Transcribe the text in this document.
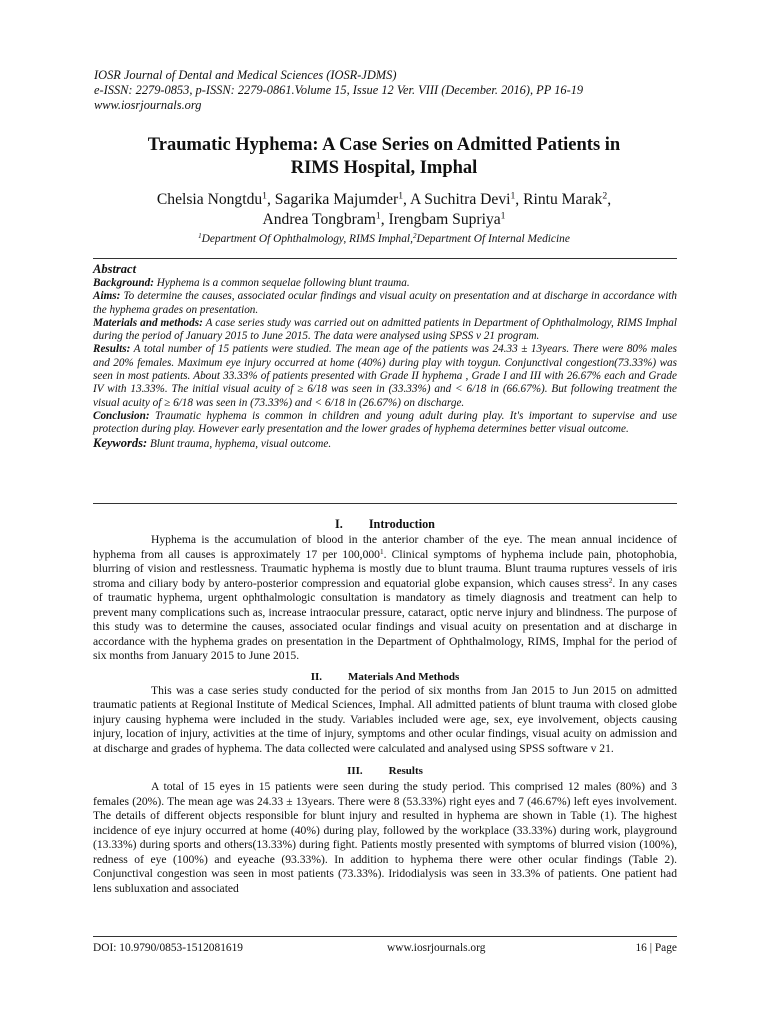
IOSR Journal of Dental and Medical Sciences (IOSR-JDMS)
e-ISSN: 2279-0853, p-ISSN: 2279-0861.Volume 15, Issue 12 Ver. VIII (December. 2016), PP 16-19
www.iosrjournals.org
Traumatic Hyphema: A Case Series on Admitted Patients in
RIMS Hospital, Imphal
Chelsia Nongtdu$^1$, Sagarika Majumder$^1$, A Suchitra Devi$^1$, Rintu Marak$^2$,
Andrea Tongbram$^1$, Irengbam Supriya$^1$
$^1$Department Of Ophthalmology, RIMS Imphal,$^2$Department Of Internal Medicine

Abstract

Background: Hyphema is a common sequelae following blunt trauma.

Aims: To determine the causes, associated ocular findings and visual acuity on presentation and at discharge in accordance with the hyphema grades on presentation.

Materials and methods: A case series study was carried out on admitted patients in Department of Ophthalmology, RIMS Imphal during the period of January 2015 to June 2015. The data were analysed using SPSS v 21 program.

Results: A total number of 15 patients were studied. The mean age of the patients was 24.33 ± 13years. There were 80% males and 20% females. Maximum eye injury occurred at home (40%) during play with toygun. Conjunctival congestion(73.33%) was seen in most patients. About 33.33% of patients presented with Grade II hyphema , Grade I and III with 26.67% each and Grade IV with 13.33%. The initial visual acuity of ≥ 6/18 was seen in (33.33%) and < 6/18 in (66.67%). But following treatment the visual acuity of ≥ 6/18 was seen in (73.33%) and < 6/18 in (26.67%) on discharge.

Conclusion: Traumatic hyphema is common in children and young adult during play. It's important to supervise and use protection during play. However early presentation and the lower grades of hyphema determines better visual outcome.

Keywords: Blunt trauma, hyphema, visual outcome.

I. Introduction

Hyphema is the accumulation of blood in the anterior chamber of the eye. The mean annual incidence of hyphema from all causes is approximately 17 per 100,000$^1$. Clinical symptoms of hyphema include pain, photophobia, blurring of vision and restlessness. Traumatic hyphema is mostly due to blunt trauma. Blunt trauma ruptures vessels of iris stroma and ciliary body by antero-posterior compression and equatorial globe expansion, which causes stress$^2$. In any cases of traumatic hyphema, urgent ophthalmologic consultation is mandatory as timely diagnosis and treatment can help to prevent many complications such as, increase intraocular pressure, cataract, optic nerve injury and blindness. The purpose of this study was to determine the causes, associated ocular findings and visual acuity on presentation and at discharge in accordance with the hyphema grades on presentation in the Department of Ophthalmology, RIMS, Imphal for the period of six months from January 2015 to June 2015.

II. Materials And Methods

This was a case series study conducted for the period of six months from Jan 2015 to Jun 2015 on admitted traumatic patients at Regional Institute of Medical Sciences, Imphal. All admitted patients of blunt trauma with closed globe injury causing hyphema were included in the study. Variables included were age, sex, eye involvement, objects causing injury, location of injury, activities at the time of injury, symptoms and other ocular findings, visual acuity on admission and at discharge and grades of hyphema. The data collected were calculated and analysed using SPSS software v 21.

III. Results

A total of 15 eyes in 15 patients were seen during the study period. This comprised 12 males (80%) and 3 females (20%). The mean age was 24.33 ± 13years. There were 8 (53.33%) right eyes and 7 (46.67%) left eyes involvement. The details of different objects responsible for blunt injury and resulted in hyphema are shown in Table (1). The highest incidence of eye injury occurred at home (40%) during play, followed by the workplace (33.33%) during work, playground (13.33%) during sports and others(13.33%) during fight. Patients mostly presented with symptoms of blurred vision (100%), redness of eye (100%) and eyeache (93.33%). In addition to hyphema there were other ocular findings (Table 2). Conjunctival congestion was seen in most patients (73.33%). Iridodialysis was seen in 33.3% of patients. One patient had lens subluxation and associated

DOI: 10.9790/0853-1512081619	www.iosrjournals.org	16 | Page
